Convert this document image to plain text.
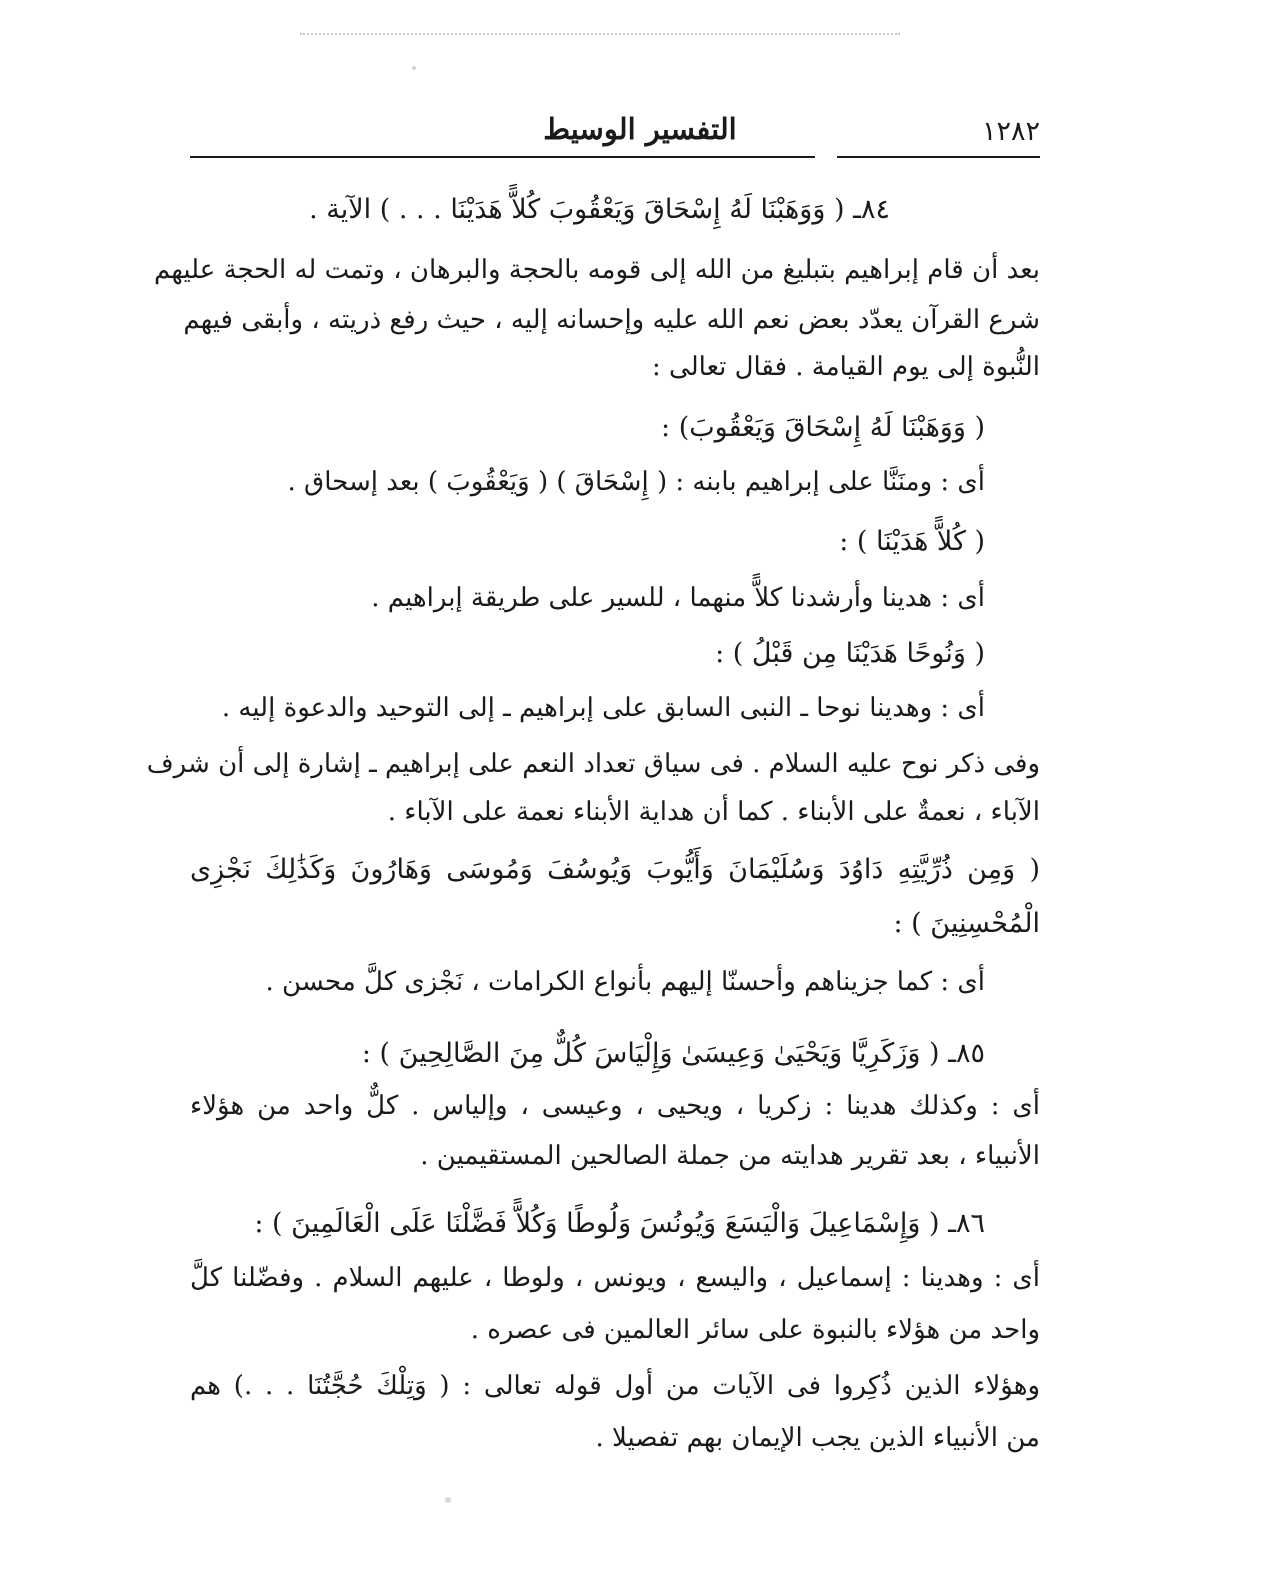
التفسير الوسيط	١٢٨٢
٨٤ـ ( وَوَهَبْنَا لَهُ إِسْحَاقَ وَيَعْقُوبَ كُلاًّ هَدَيْنَا . . . ) الآية .
بعد أن قام إبراهيم بتبليغ من الله إلى قومه بالحجة والبرهان ، وتمت له الحجة عليهم
شرع القرآن يعدّد بعض نعم الله عليه وإحسانه إليه ، حيث رفع ذريته ، وأبقى فيهم
النُّبوة إلى يوم القيامة . فقال تعالى :
( وَوَهَبْنَا لَهُ إِسْحَاقَ وَيَعْقُوبَ) :
أى : ومنَنَّا على إبراهيم بابنه : ( إِسْحَاقَ ) ( وَيَعْقُوبَ ) بعد إسحاق .
( كُلاًّ هَدَيْنَا ) :
أى : هدينا وأرشدنا كلاًّ منهما ، للسير على طريقة إبراهيم .
( وَنُوحًا هَدَيْنَا مِن قَبْلُ ) :
أى : وهدينا نوحا ـ النبى السابق على إبراهيم ـ إلى التوحيد والدعوة إليه .
وفى ذكر نوح عليه السلام . فى سياق تعداد النعم على إبراهيم ـ إشارة إلى أن شرف
الآباء ، نعمةٌ على الأبناء . كما أن هداية الأبناء نعمة على الآباء .
( وَمِن ذُرِّيَّتِهِ دَاوُدَ وَسُلَيْمَانَ وَأَيُّوبَ وَيُوسُفَ وَمُوسَى وَهَارُونَ وَكَذَٰلِكَ نَجْزِى
الْمُحْسِنِينَ ) :
أى : كما جزيناهم وأحسنّا إليهم بأنواع الكرامات ، نَجْزى كلَّ محسن .
٨٥ـ ( وَزَكَرِيَّا وَيَحْيَىٰ وَعِيسَىٰ وَإِلْيَاسَ كُلٌّ مِنَ الصَّالِحِينَ ) :
أى : وكذلك هدينا : زكريا ، ويحيى ، وعيسى ، وإلياس . كلٌّ واحد من هؤلاء
الأنبياء ، بعد تقرير هدايته من جملة الصالحين المستقيمين .
٨٦ـ ( وَإِسْمَاعِيلَ وَالْيَسَعَ وَيُونُسَ وَلُوطًا وَكُلاًّ فَضَّلْنَا عَلَى الْعَالَمِينَ ) :
أى : وهدينا : إسماعيل ، واليسع ، ويونس ، ولوطا ، عليهم السلام . وفضّلنا كلَّ
واحد من هؤلاء بالنبوة على سائر العالمين فى عصره .
وهؤلاء الذين ذُكِروا فى الآيات من أول قوله تعالى : ( وَتِلْكَ حُجَّتُنَا . . .) هم
من الأنبياء الذين يجب الإيمان بهم تفصيلا .
